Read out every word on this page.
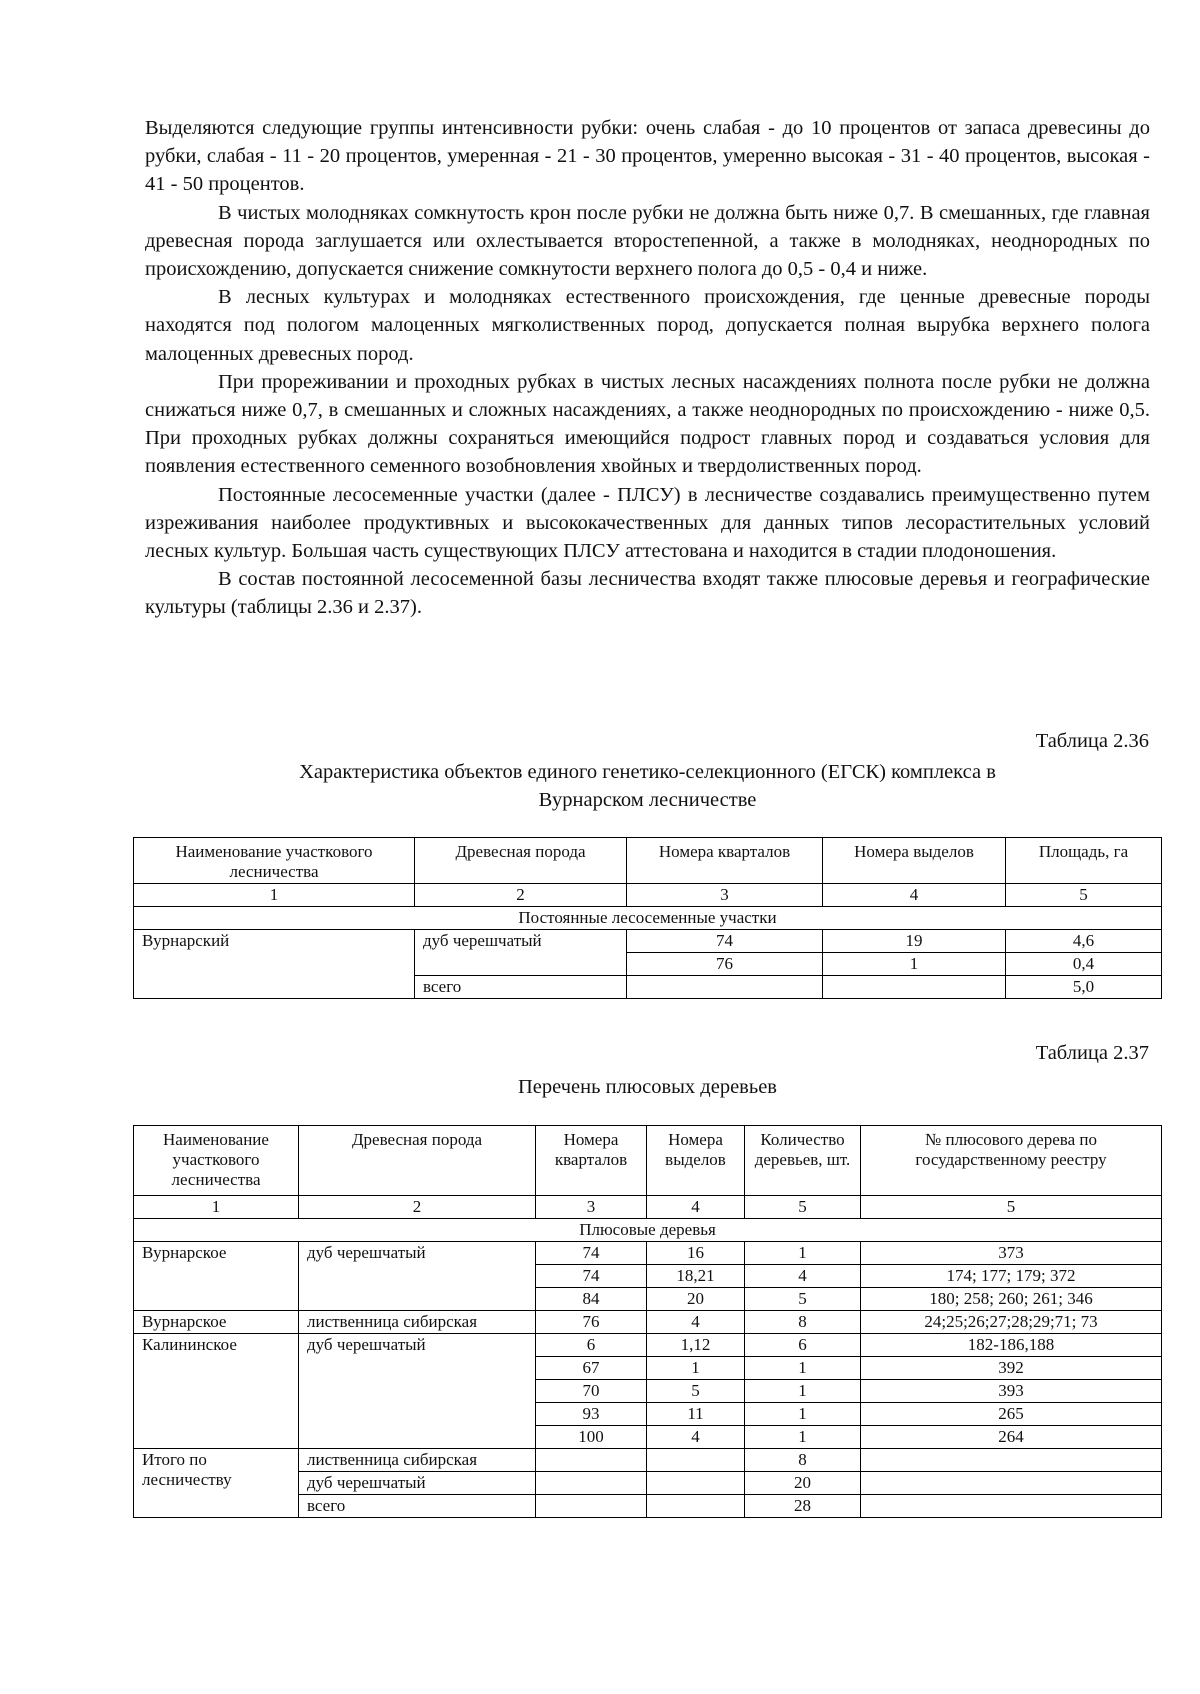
Выделяются следующие группы интенсивности рубки: очень слабая - до 10 процентов от запаса древесины до рубки, слабая - 11 - 20 процентов, умеренная - 21 - 30 процентов, умеренно высокая - 31 - 40 процентов, высокая - 41 - 50 процентов.

В чистых молодняках сомкнутость крон после рубки не должна быть ниже 0,7. В смешанных, где главная древесная порода заглушается или охлестывается второстепенной, а также в молодняках, неоднородных по происхождению, допускается снижение сомкнутости верхнего полога до 0,5 - 0,4 и ниже.

В лесных культурах и молодняках естественного происхождения, где ценные древесные породы находятся под пологом малоценных мягколиственных пород, допускается полная вырубка верхнего полога малоценных древесных пород.

При прореживании и проходных рубках в чистых лесных насаждениях полнота после рубки не должна снижаться ниже 0,7, в смешанных и сложных насаждениях, а также неоднородных по происхождению - ниже 0,5. При проходных рубках должны сохраняться имеющийся подрост главных пород и создаваться условия для появления естественного семенного возобновления хвойных и твердолиственных пород.

Постоянные лесосеменные участки (далее - ПЛСУ) в лесничестве создавались преимущественно путем изреживания наиболее продуктивных и высококачественных для данных типов лесорастительных условий лесных культур. Большая часть существующих ПЛСУ аттестована и находится в стадии плодоношения.

В состав постоянной лесосеменной базы лесничества входят также плюсовые деревья и географические культуры (таблицы 2.36 и 2.37).

Таблица 2.36
Характеристика объектов единого генетико-селекционного (ЕГСК) комплекса в
Вурнарском лесничестве
Наименование участкового лесничества	Древесная порода	Номера кварталов	Номера выделов	Площадь, га
1	2	3	4	5
Постоянные лесосеменные участки				
Вурнарский	дуб черешчатый	74	19	4,6
		76	1	0,4
	всего			5,0
Таблица 2.37
Перечень плюсовых деревьев
Наименование участкового лесничества	Древесная порода	Номера кварталов	Номера выделов	Количество деревьев, шт.	№ плюсового дерева по государственному реестру
1	2	3	4	5	5
Плюсовые деревья					
Вурнарское	дуб черешчатый	74	16	1	373
		74	18,21	4	174; 177; 179; 372
		84	20	5	180; 258; 260; 261; 346
Вурнарское	лиственница сибирская	76	4	8	24;25;26;27;28;29;71; 73
Калининское	дуб черешчатый	6	1,12	6	182-186,188
		67	1	1	392
		70	5	1	393
		93	11	1	265
		100	4	1	264
Итого по лесничеству	лиственница сибирская			8	
	дуб черешчатый			20	
	всего			28	
